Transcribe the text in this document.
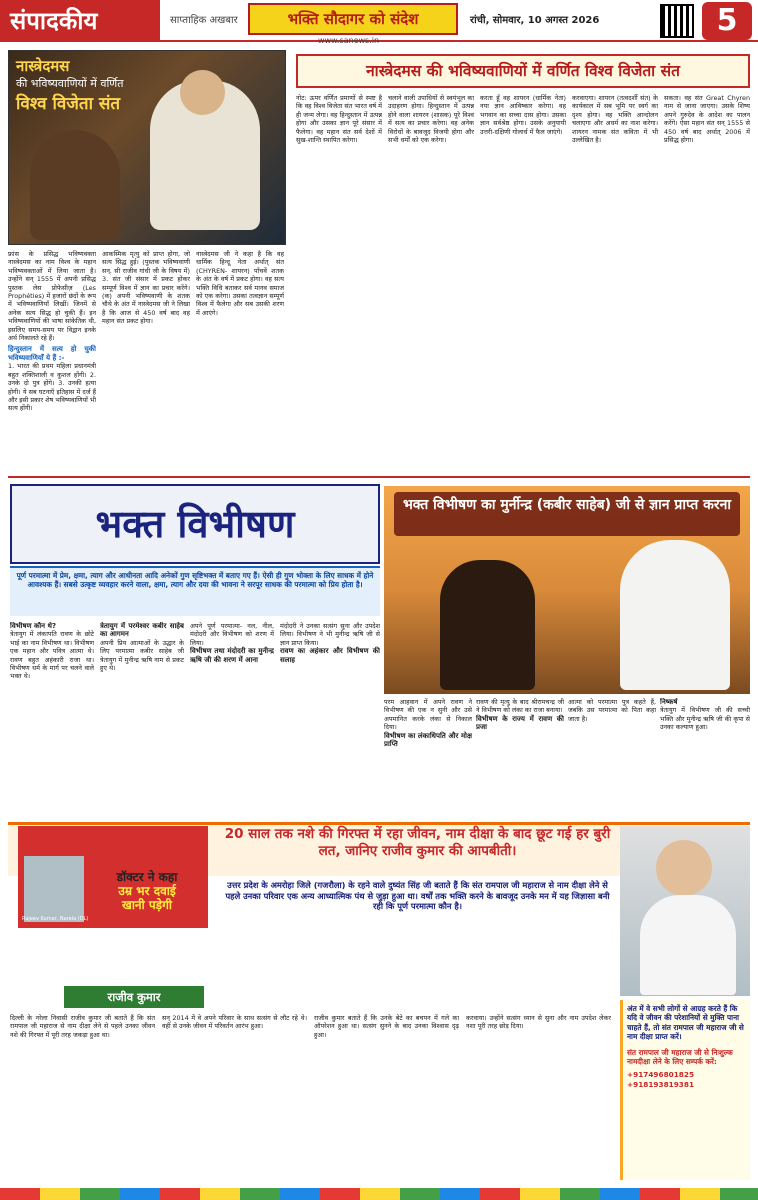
संपादकीय	साप्ताहिक अखबार	भक्ति सौदागर को संदेश
www.sanews.in
रांची, सोमवार, 10 अगस्त 2026	5
नास्त्रेदमस
की भविष्यवाणियों में वर्णित
विश्व विजेता संत
नास्त्रेदमस की भविष्यवाणियों में वर्णित विश्व विजेता संत
फ्रांस के प्रसिद्ध भविष्यवक्ता नास्त्रेदमस का नाम विश्व के महान भविष्यवक्ताओं में लिया जाता है। उन्होंने सन् 1555 में अपनी प्रसिद्ध पुस्तक लेस प्रोफेसीज़ (Les Prophéties) में हजारों छंदों के रूप में भविष्यवाणियाँ लिखीं। जिनमें से अनेक सत्य सिद्ध हो चुकी हैं। इन भविष्यवाणियों की भाषा सांकेतिक थी, इसलिए समय-समय पर विद्वान इनके अर्थ निकालते रहे हैं।
हिन्दुस्तान में सत्य हो चुकी भविष्यवाणियाँ ये हैं :-
1. भारत की प्रथम महिला प्रधानमंत्री बहुत शक्तिशाली व कुशल होंगी। 2. उनके दो पुत्र होंगे। 3. उनकी हत्या होगी। ये सब घटनाएँ इतिहास में दर्ज हैं और इसी प्रकार शेष भविष्यवाणियाँ भी सत्य होंगी।
आकस्मिक मृत्यु को प्राप्त होगा, जो सत्य सिद्ध हुई। (पुस्तक भविष्यवाणी सन्. सी राजीव गांधी जी के विषय में) 3. संत जी संसार में प्रकट होकर सम्पूर्ण विश्व में ज्ञान का प्रचार करेंगे। (क) अपनी भविष्यवाणी के शतक चौथे के अंत में नास्त्रेदमस जी ने लिखा है कि आज से 450 वर्ष बाद वह महान संत प्रकट होगा।
नास्त्रेदमस जी ने कहा है कि वह धार्मिक हिन्दू नेता अर्थात् संत (CHYREN- शायरन) पाँचवें शतक के अंत के वर्ष में प्रकट होगा। वह सत्य भक्ति विधि बताकर सर्व मानव समाज को एक करेगा। उसका तत्वज्ञान सम्पूर्ण विश्व में फैलेगा और सब उसकी शरण में आएंगे।
नोट: ऊपर वर्णित प्रमाणों से स्पष्ट है कि वह विश्व विजेता संत भारत वर्ष में ही जन्म लेगा। वह हिन्दुस्तान में उत्पन्न होगा और उसका ज्ञान पूरे संसार में फैलेगा। वह महान संत सर्व देशों में सुख-शान्ति स्थापित करेगा।
चलाने वाली उपाधियों से स्वयंभूल का उदाहरण होगा। हिन्दुस्तान में उत्पन्न होने वाला शायरन (शासक) पूरे विश्व में सत्य का प्रचार करेगा। वह अनेक विरोधों के बावजूद विजयी होगा और सभी धर्मों को एक करेगा।
करता हूँ वह शायरन (धार्मिक नेता) नया ज्ञान आविष्कार करेगा। वह भगवान का सच्चा दास होगा। उसका ज्ञान सर्वश्रेष्ठ होगा। उसके अनुयायी उत्तरी-दक्षिणी गोलार्ध में फैल जाएंगे।
करवाएगा। शायरन (तत्वदर्शी संत) के कार्यकाल में सब भूमि पर स्वर्ग का दृश्य होगा। वह भक्ति आन्दोलन चलाएगा और अधर्म का नाश करेगा। शायरन नामक संत कविता में भी उल्लेखित है।
सकता। वह संत Great Chyren नाम से जाना जाएगा। उसके शिष्य अपने गुरुदेव के आदेश का पालन करेंगे। ऐसा महान संत सन् 1555 से 450 वर्ष बाद अर्थात् 2006 में प्रसिद्ध होगा।
भक्त विभीषण	भक्त विभीषण का मुर्नीन्द्र (कबीर साहेब) जी से ज्ञान प्राप्त करना
पूर्ण परमात्मा में प्रेम, क्षमा, त्याग और आधीनता आदि अनेकों गुण सृष्टिभक्त में बताए गए हैं। ऐसी ही गुण भोक्ता के लिए साधक में होने आवश्यक हैं। सबसे उत्कृष्ट व्यवहार करने वाला, क्षमा, त्याग और दया की भावना ने सरपूर साधक की परमात्मा को प्रिय होता है।
विभीषण कौन थे?
त्रेतायुग में लंकापति रावण के छोटे भाई का नाम विभीषण था। विभीषण एक महान और पवित्र आत्मा थे। रावण बहुत अहंकारी राजा था। विभीषण धर्म के मार्ग पर चलने वाले भक्त थे।
त्रेतायुग में परमेश्वर कबीर साहेब का आगमन
अपनी प्रिय आत्माओं के उद्धार के लिए परमात्मा कबीर साहेब जी त्रेतायुग में मुनीन्द्र ऋषि नाम से प्रकट हुए थे।
अपने पूर्ण परमात्मा- नल, नील, मंदोदरी और विभीषण को शरण में लिया।
विभीषण तथा मंदोदरी का मुनीन्द्र ऋषि जी की शरण में आना
मंदोदरी ने उनका सत्संग सुना और उपदेश लिया। विभीषण ने भी मुनीन्द्र ऋषि जी से ज्ञान प्राप्त किया।
रावण का अहंकार और विभीषण की सलाह
परम आहवान में अपने रावण ने विभीषण की एक न सुनी और उसे अपमानित करके लंका से निकाल दिया।
विभीषण का लंकाधिपति और मोक्ष प्राप्ति
रावण की मृत्यु के बाद श्रीरामचन्द्र जी ने विभीषण को लंका का राजा बनाया।
विभीषण के राज्य में रावण की प्रजा
आत्मा को परमात्मा पुत्र कहते हैं, जबकि उस परमात्मा को पिता कहा जाता है।
निष्कर्ष
त्रेतायुग में विभीषण जी की सच्ची भक्ति और मुनीन्द्र ऋषि जी की कृपा से उनका कल्याण हुआ।
डॉक्टर ने कहा
उम्र भर दवाई
खानी पड़ेगी
Rajeev Kumar, Narela (DL)
20 साल तक नशे की गिरफ्त में रहा जीवन, नाम दीक्षा के बाद छूट गई हर बुरी लत, जानिए राजीव कुमार की आपबीती।
उत्तर प्रदेश के अमरोहा जिले (गजरौला) के रहने वाले दुष्यंत सिंह जी बताते हैं कि संत रामपाल जी महाराज से नाम दीक्षा लेने से पहले उनका परिवार एक अन्य आध्यात्मिक पंथ से जुड़ा हुआ था। वर्षों तक भक्ति करने के बावजूद उनके मन में यह जिज्ञासा बनी रही कि पूर्ण परमात्मा कौन है।
राजीव कुमार
दिल्ली के नरेला निवासी राजीव कुमार जी बताते हैं कि संत रामपाल जी महाराज से नाम दीक्षा लेने से पहले उनका जीवन नशे की गिरफ्त में पूरी तरह जकड़ा हुआ था।
सन् 2014 में वे अपने परिवार के साथ सत्संग से लौट रहे थे। वहीं से उनके जीवन में परिवर्तन आरंभ हुआ।
राजीव कुमार बताते हैं कि उनके बेटे का बचपन में गले का ऑपरेशन हुआ था। सत्संग सुनने के बाद उनका विश्वास दृढ़ हुआ।
करवाया। उन्होंने सत्संग ध्यान से सुना और नाम उपदेश लेकर नशा पूरी तरह छोड़ दिया।
अंत में वे सभी लोगों से आग्रह करते हैं कि यदि वे जीवन की परेशानियों से मुक्ति पाना चाहते हैं, तो संत रामपाल जी महाराज जी से नाम दीक्षा प्राप्त करें।
संत रामपाल जी महाराज जी से निःशुल्क नामदीक्षा लेने के लिए सम्पर्क करें:
+917496801825
+918193819381
